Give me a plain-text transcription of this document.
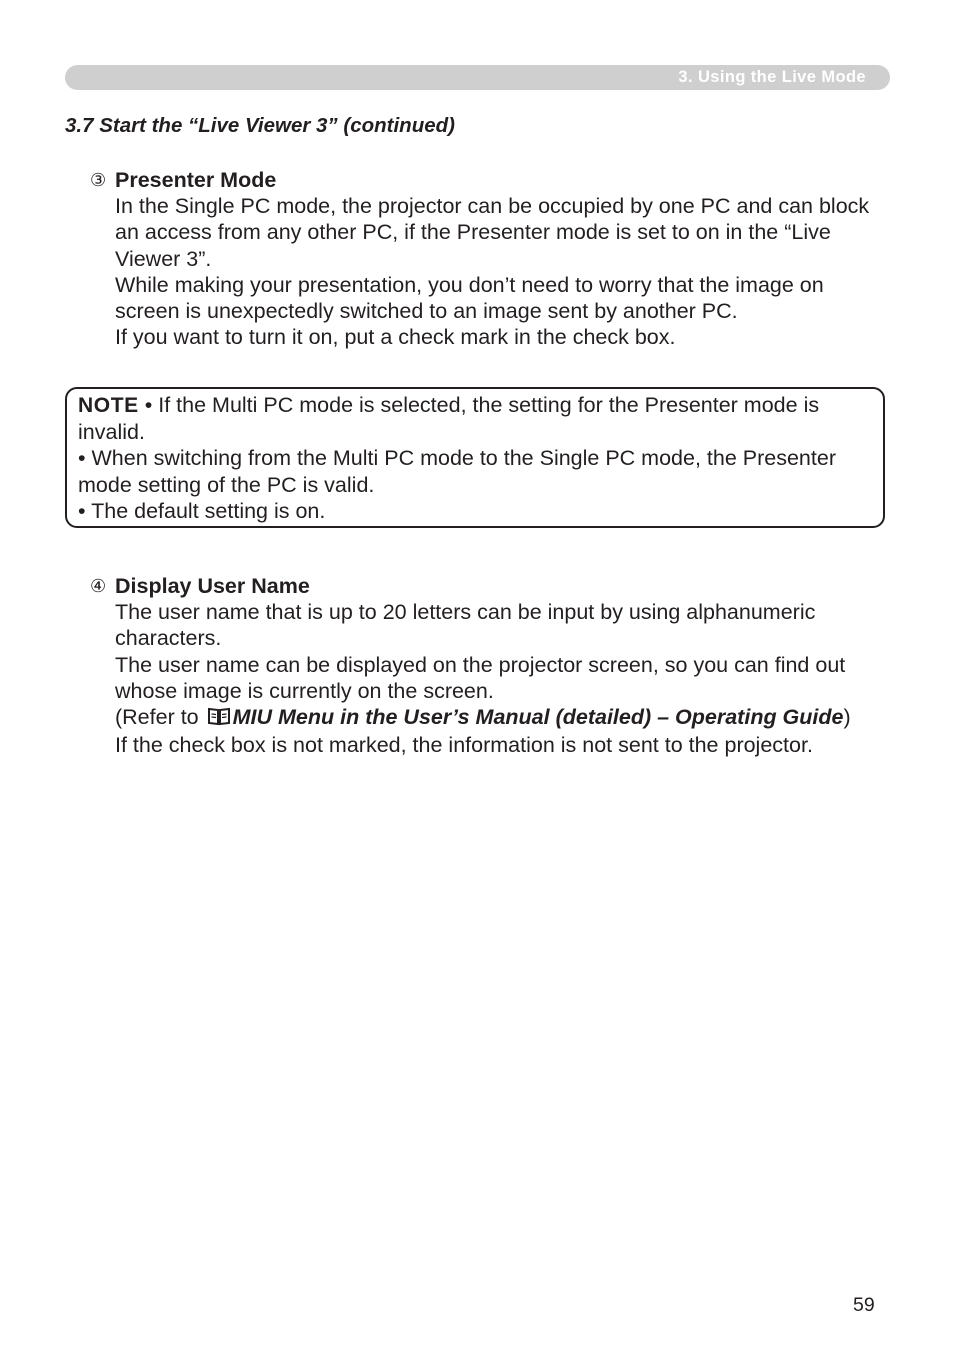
3. Using the Live Mode
3.7 Start the “Live Viewer 3” (continued)
③ Presenter Mode

In the Single PC mode, the projector can be occupied by one PC and can block an access from any other PC, if the Presenter mode is set to on in the “Live Viewer 3”.

While making your presentation, you don’t need to worry that the image on screen is unexpectedly switched to an image sent by another PC.

If you want to turn it on, put a check mark in the check box.

NOTE • If the Multi PC mode is selected, the setting for the Presenter mode is invalid.

• When switching from the Multi PC mode to the Single PC mode, the Presenter mode setting of the PC is valid.

• The default setting is on.

④ Display User Name

The user name that is up to 20 letters can be input by using alphanumeric characters.

The user name can be displayed on the projector screen, so you can find out whose image is currently on the screen.

(Refer to MIU Menu in the User’s Manual (detailed) – Operating Guide)

If the check box is not marked, the information is not sent to the projector.

59
